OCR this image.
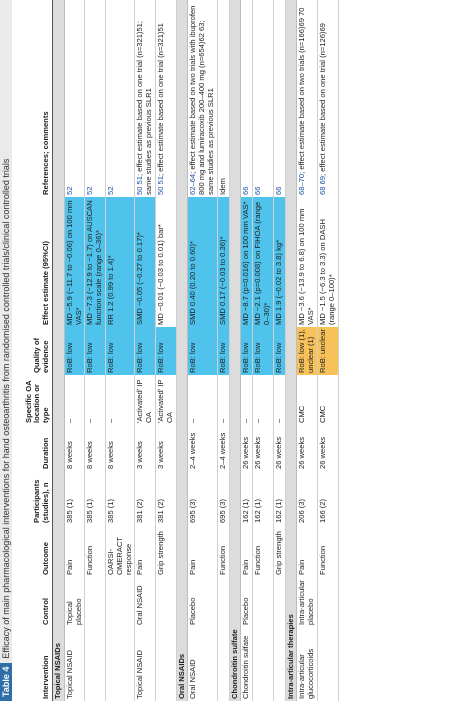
Table 4Efficacy of main pharmacological interventions for hand osteoarthritis from randomised controlled trials/clinical controlled trials
Intervention	Control	Outcome	Participants (studies), n	Duration	Specific OA location or type	Quality of evidence	Effect estimate (95%CI)	References; comments
Topical NSAIDs								
Topical NSAID	Topical placebo	Pain	385 (1)	8 weeks	–	RoB: low	MD −5.9 (−11.7 to −0.06) on 100 mm VAS*	52
		Function	385 (1)	8 weeks	–	RoB: low	MD −7.3 (−12.9 to −1.7) on AUSCAN function scale (range 0–36)*	52
		OARSI-OMERACT response	385 (1)	8 weeks	–	RoB: low	RR 1.2 (0.99 to 1.4)*	52
Topical NSAID	Oral NSAID	Pain	381 (2)	3 weeks	'Activated' IP OA	RoB: low	SMD −0.05 (−0.27 to 0.17)*	50 51; effect estimate based on one trial (n=321)51; same studies as previous SLR1
		Grip strength	381 (2)	3 weeks	'Activated' IP OA	RoB: low	MD −0.01 (−0.03 to 0.01) bar*	50 51; effect estimate based on one trial (n=321)51
Oral NSAIDs								
Oral NSAID	Placebo	Pain	695 (3)	2–4 weeks	–	RoB: low	SMD 0.40 (0.20 to 0.60)*	62–64; effect estimate based on two trials with ibuprofen 800 mg and lumiracoxib 200–400 mg (n=654)62 63; same studies as previous SLR1
		Function	695 (3)	2–4 weeks	–	RoB: low	SMD 0.17 (−0.03 to 0.36)*	Idem
Chondroitin sulfate								
Chondroitin sulfate	Placebo	Pain	162 (1)	26 weeks	–	RoB: low	MD −8.7 (p=0.016) on 100 mm VAS*	66
		Function	162 (1)	26 weeks	–	RoB: low	MD −2.1 (p=0.008) on FIHOA (range 0–30)*	66
		Grip strength	162 (1)	26 weeks	–	RoB: low	MD 1.9 (−0.02 to 3.8) kg*	66
Intra-articular therapies								
Intra-articular glucocorticoids	Intra-articular placebo	Pain	206 (3)	26 weeks	CMC	RoB: low (1), unclear (1)	MD −3.6 (−13.9 to 6.8) on 100 mm VAS*	68–70; effect estimate based on two trials (n=166)69 70
		Function	166 (2)	26 weeks	CMC	RoB: unclear	MD −1.5 (−6.3 to 3.3) on DASH (range 0–100)*	68 69; effect estimate based on one trial (n=126)69
